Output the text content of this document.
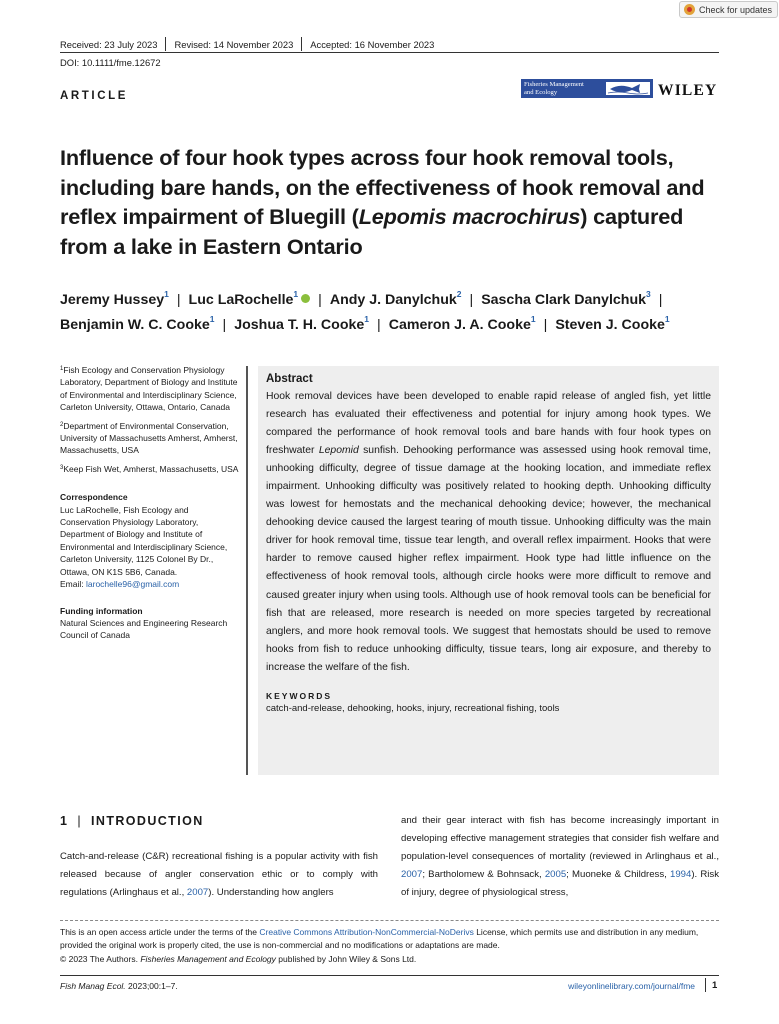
Check for updates
Received: 23 July 2023 Revised: 14 November 2023 Accepted: 16 November 2023
DOI: 10.1111/fme.12672
ARTICLE
Fisheries Management
and Ecology	WILEY
Influence of four hook types across four hook removal tools, including bare hands, on the effectiveness of hook removal and reflex impairment of Bluegill (Lepomis macrochirus) captured from a lake in Eastern Ontario
Jeremy Hussey$^1$ | Luc LaRochelle$^1$ | Andy J. Danylchuk$^2$ | Sascha Clark Danylchuk$^3$ |
Benjamin W. C. Cooke$^1$ | Joshua T. H. Cooke$^1$ | Cameron J. A. Cooke$^1$ | Steven J. Cooke$^1$

$^1$Fish Ecology and Conservation Physiology Laboratory, Department of Biology and Institute of Environmental and Interdisciplinary Science, Carleton University, Ottawa, Ontario, Canada

$^2$Department of Environmental Conservation, University of Massachusetts Amherst, Amherst, Massachusetts, USA

$^3$Keep Fish Wet, Amherst, Massachusetts, USA

Correspondence

Luc LaRochelle, Fish Ecology and Conservation Physiology Laboratory, Department of Biology and Institute of Environmental and Interdisciplinary Science, Carleton University, 1125 Colonel By Dr., Ottawa, ON K1S 5B6, Canada.
Email: larochelle96@gmail.com

Funding information

Natural Sciences and Engineering Research Council of Canada

Abstract

Hook removal devices have been developed to enable rapid release of angled fish, yet little research has evaluated their effectiveness and potential for injury among hook types. We compared the performance of hook removal tools and bare hands with four hook types on freshwater Lepomid sunfish. Dehooking performance was assessed using hook removal time, unhooking difficulty, degree of tissue damage at the hooking location, and immediate reflex impairment. Unhooking difficulty was positively related to hooking depth. Unhooking difficulty was lowest for hemostats and the mechanical dehooking device; however, the mechanical dehooking device caused the largest tearing of mouth tissue. Unhooking difficulty was the main driver for hook removal time, tissue tear length, and overall reflex impairment. Hooks that were harder to remove caused higher reflex impairment. Hook type had little influence on the effectiveness of hook removal tools, although circle hooks were more difficult to remove and caused greater injury when using tools. Although use of hook removal tools can be beneficial for fish that are released, more research is needed on more species targeted by recreational anglers, and more hook removal tools. We suggest that hemostats should be used to remove hooks from fish to reduce unhooking difficulty, tissue tears, long air exposure, and thereby to increase the welfare of the fish.

KEYWORDS
catch-and-release, dehooking, hooks, injury, recreational fishing, tools
1 | INTRODUCTION
Catch-and-release (C&R) recreational fishing is a popular activity with fish released because of angler conservation ethic or to comply with regulations (Arlinghaus et al., 2007). Understanding how anglers
and their gear interact with fish has become increasingly important in developing effective management strategies that consider fish welfare and population-level consequences of mortality (reviewed in Arlinghaus et al., 2007; Bartholomew & Bohnsack, 2005; Muoneke & Childress, 1994). Risk of injury, degree of physiological stress,
This is an open access article under the terms of the Creative Commons Attribution-NonCommercial-NoDerivs License, which permits use and distribution in any medium, provided the original work is properly cited, the use is non-commercial and no modifications or adaptations are made.
© 2023 The Authors. Fisheries Management and Ecology published by John Wiley & Sons Ltd.
Fish Manag Ecol. 2023;00:1–7.	wileyonlinelibrary.com/journal/fme 1
